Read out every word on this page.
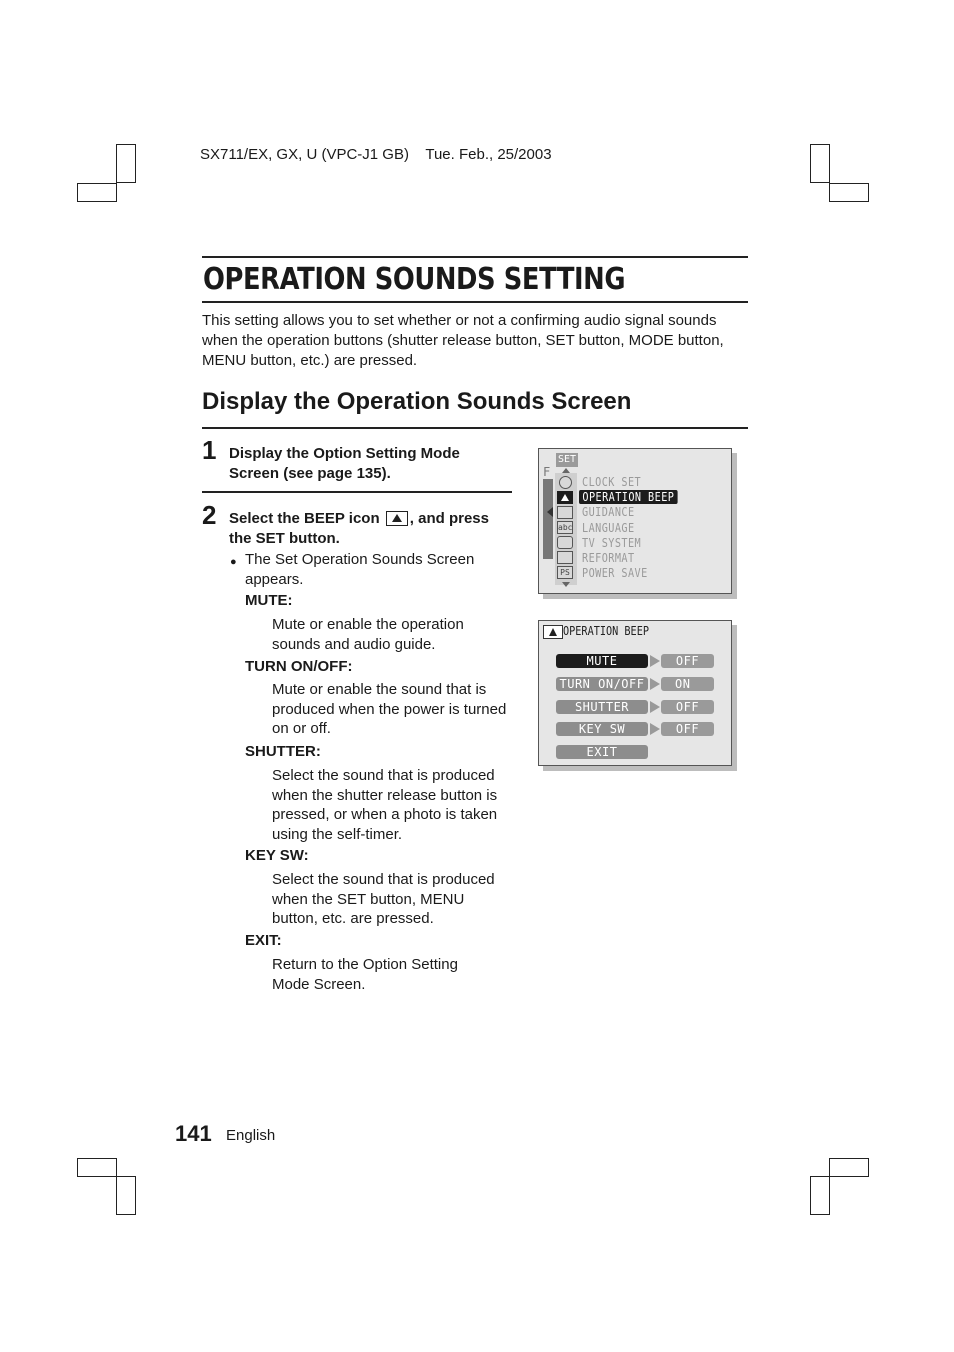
SX711/EX, GX, U (VPC-J1 GB)    Tue. Feb., 25/2003
OPERATION SOUNDS SETTING
This setting allows you to set whether or not a confirming audio signal sounds when the operation buttons (shutter release button, SET button, MODE button, MENU button, etc.) are pressed.
Display the Operation Sounds Screen
1 Display the Option Setting Mode Screen (see page 135).
2 Select the BEEP icon , and press the SET button.
● The Set Operation Sounds Screen appears.
MUTE:
Mute or enable the operation sounds and audio guide.
TURN ON/OFF:
Mute or enable the sound that is produced when the power is turned on or off.
SHUTTER:
Select the sound that is produced when the shutter release button is pressed, or when a photo is taken using the self-timer.
KEY SW:
Select the sound that is produced when the SET button, MENU button, etc. are pressed.
EXIT:
Return to the Option Setting Mode Screen.
F
SET
abc
PS
CLOCK SET
OPERATION BEEP
GUIDANCE
LANGUAGE
TV SYSTEM
REFORMAT
POWER SAVE
OPERATION BEEP
MUTE	OFF
TURN ON/OFF	ON
SHUTTER	OFF
KEY SW	OFF
EXIT
141 English
